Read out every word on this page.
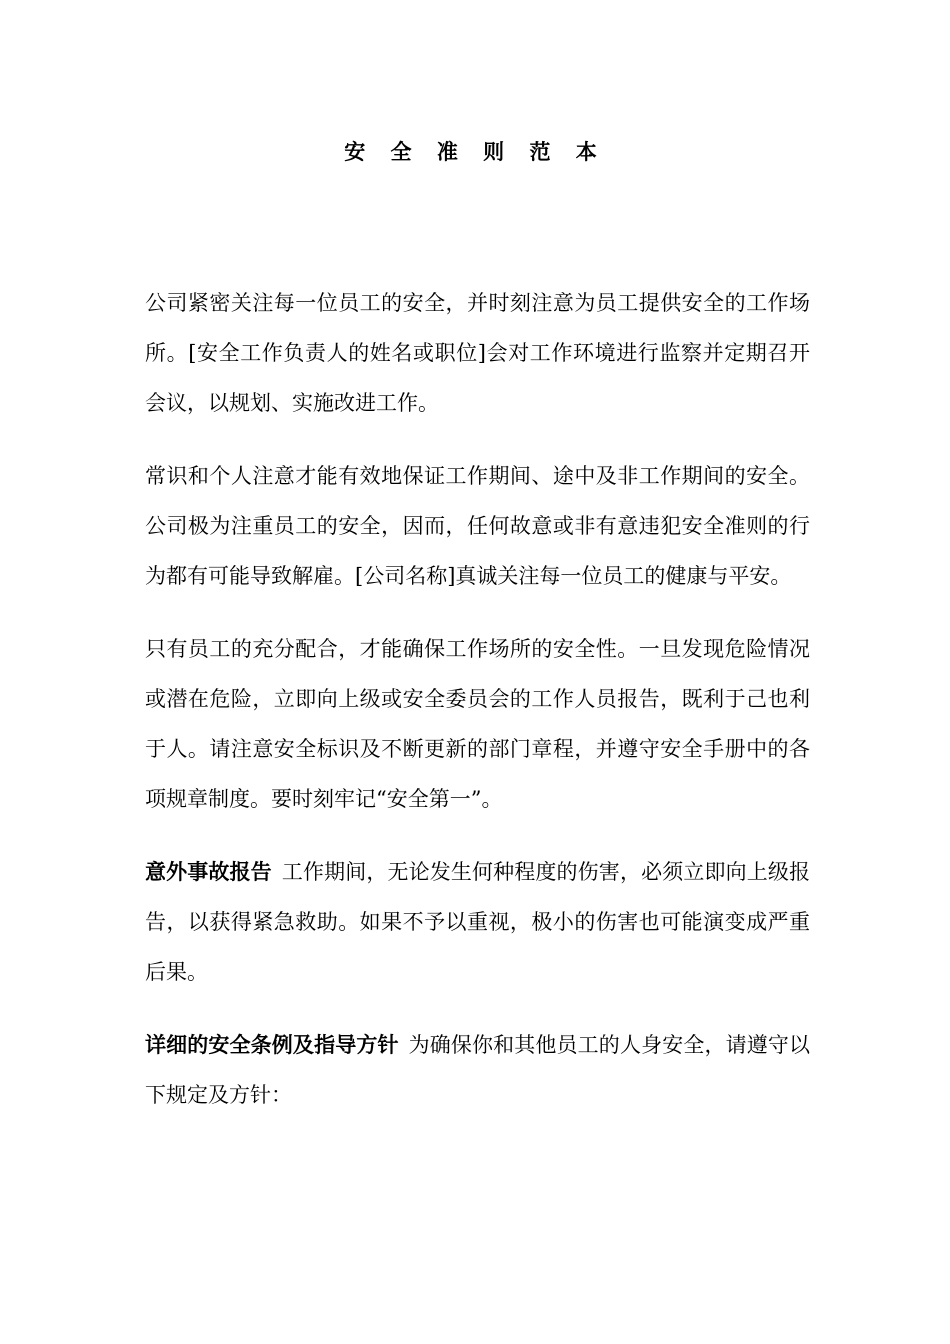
安 全 准 则 范 本

公司紧密关注每一位员工的安全，并时刻注意为员工提供安全的工作场所。[安全工作负责人的姓名或职位]会对工作环境进行监察并定期召开会议，以规划、实施改进工作。

常识和个人注意才能有效地保证工作期间、途中及非工作期间的安全。公司极为注重员工的安全，因而，任何故意或非有意违犯安全准则的行为都有可能导致解雇。[公司名称]真诚关注每一位员工的健康与平安。

只有员工的充分配合，才能确保工作场所的安全性。一旦发现危险情况或潜在危险，立即向上级或安全委员会的工作人员报告，既利于己也利于人。请注意安全标识及不断更新的部门章程，并遵守安全手册中的各项规章制度。要时刻牢记“安全第一”。

意外事故报告 工作期间，无论发生何种程度的伤害，必须立即向上级报告，以获得紧急救助。如果不予以重视，极小的伤害也可能演变成严重后果。

详细的安全条例及指导方针 为确保你和其他员工的人身安全，请遵守以下规定及方针：
